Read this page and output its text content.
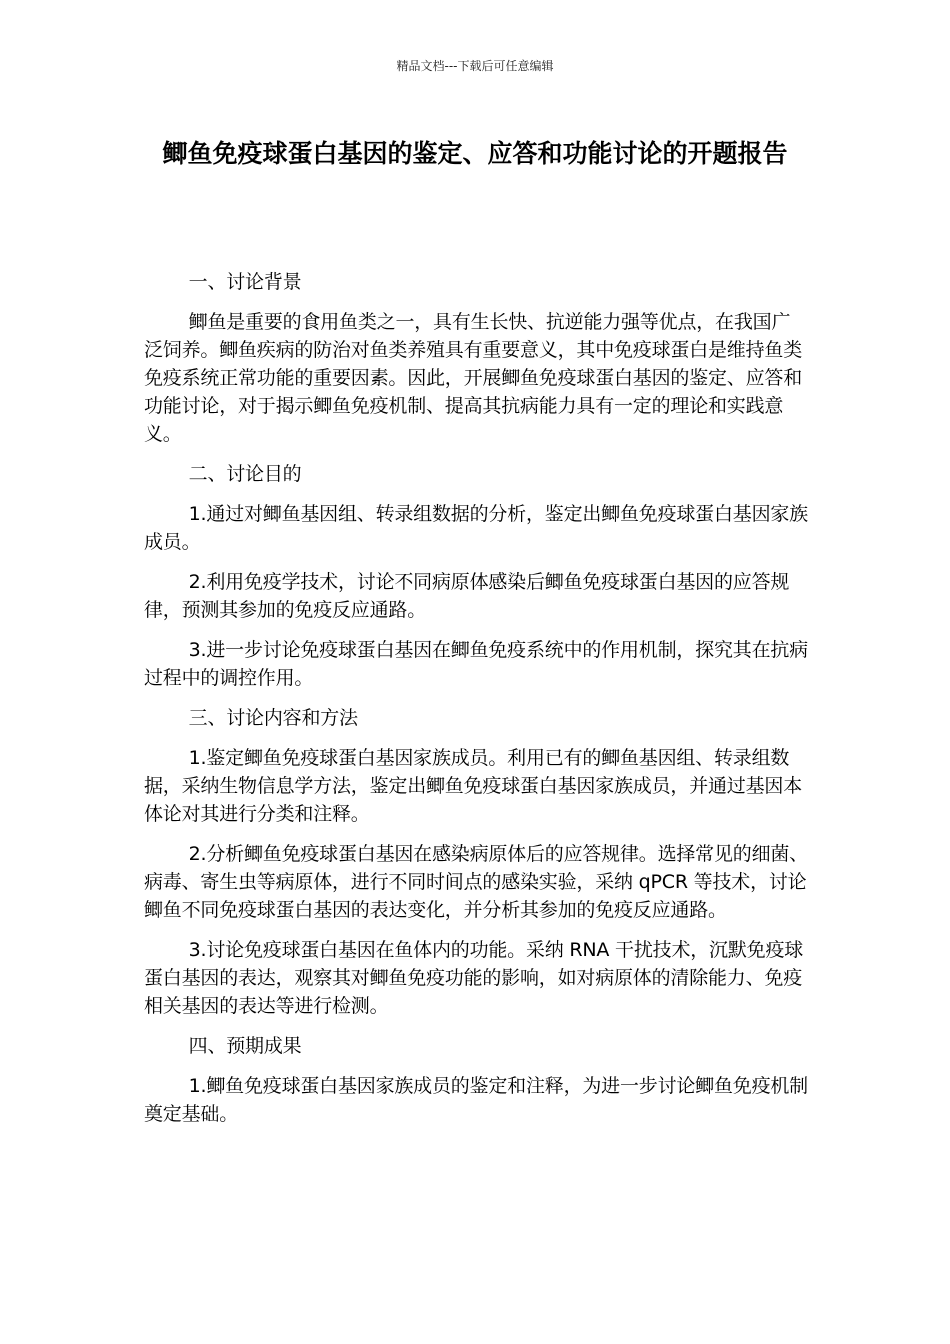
精品文档---下载后可任意编辑
鲫鱼免疫球蛋白基因的鉴定、应答和功能讨论的开题报告

一、讨论背景

鲫鱼是重要的食用鱼类之一，具有生长快、抗逆能力强等优点，在我国广泛饲养。鲫鱼疾病的防治对鱼类养殖具有重要意义，其中免疫球蛋白是维持鱼类免疫系统正常功能的重要因素。因此，开展鲫鱼免疫球蛋白基因的鉴定、应答和功能讨论，对于揭示鲫鱼免疫机制、提高其抗病能力具有一定的理论和实践意义。

二、讨论目的

1.通过对鲫鱼基因组、转录组数据的分析，鉴定出鲫鱼免疫球蛋白基因家族成员。

2.利用免疫学技术，讨论不同病原体感染后鲫鱼免疫球蛋白基因的应答规律，预测其参加的免疫反应通路。

3.进一步讨论免疫球蛋白基因在鲫鱼免疫系统中的作用机制，探究其在抗病过程中的调控作用。

三、讨论内容和方法

1.鉴定鲫鱼免疫球蛋白基因家族成员。利用已有的鲫鱼基因组、转录组数据，采纳生物信息学方法，鉴定出鲫鱼免疫球蛋白基因家族成员，并通过基因本体论对其进行分类和注释。

2.分析鲫鱼免疫球蛋白基因在感染病原体后的应答规律。选择常见的细菌、病毒、寄生虫等病原体，进行不同时间点的感染实验，采纳 qPCR 等技术，讨论鲫鱼不同免疫球蛋白基因的表达变化，并分析其参加的免疫反应通路。

3.讨论免疫球蛋白基因在鱼体内的功能。采纳 RNA 干扰技术，沉默免疫球蛋白基因的表达，观察其对鲫鱼免疫功能的影响，如对病原体的清除能力、免疫相关基因的表达等进行检测。

四、预期成果

1.鲫鱼免疫球蛋白基因家族成员的鉴定和注释，为进一步讨论鲫鱼免疫机制奠定基础。
